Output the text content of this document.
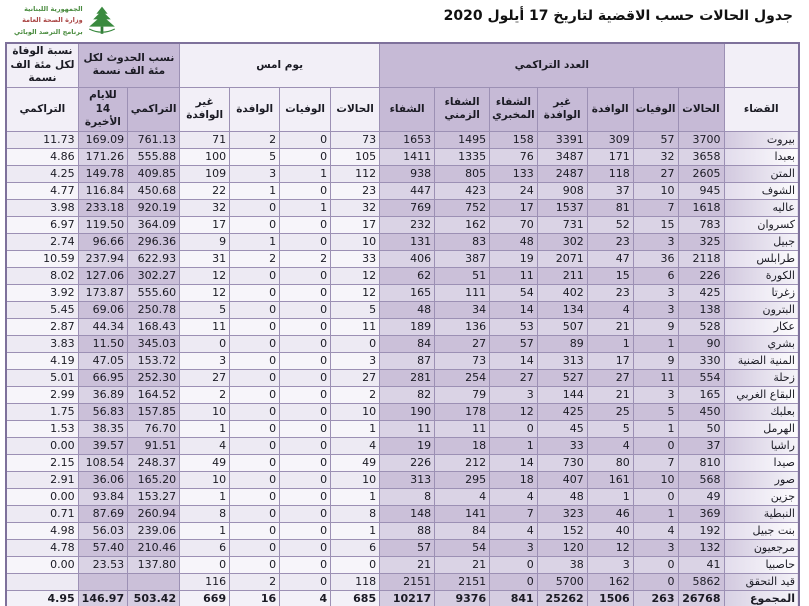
الجمهورية اللبنانية
وزارة الصحة العامة
برنامج الترصد الوبائي
جدول الحالات حسب الاقضية لتاريخ 17 أيلول 2020
	العدد التراكمي							يوم امس				نسب الحدوث لكل مئة الف نسمة		نسبة الوفاة لكل مئة الف نسمة
القضاء	الحالات	الوفيات	الوافدة	غير الوافدة	الشفاء المخبري	الشفاء الزمني	الشفاء	الحالات	الوفيات	الوافدة	غير الوافدة	التراكمي	للايام 14 الأخيرة	التراكمي
بيروت	3700	57	309	3391	158	1495	1653	73	0	2	71	761.13	169.09	11.73
بعبدا	3658	32	171	3487	76	1335	1411	105	0	5	100	555.88	171.26	4.86
المتن	2605	27	118	2487	133	805	938	112	1	3	109	409.85	149.78	4.25
الشوف	945	10	37	908	24	423	447	23	0	1	22	450.68	116.84	4.77
عاليه	1618	7	81	1537	17	752	769	32	1	0	32	920.19	233.18	3.98
كسروان	783	15	52	731	70	162	232	17	0	0	17	364.09	119.50	6.97
جبيل	325	3	23	302	48	83	131	10	0	1	9	296.36	96.66	2.74
طرابلس	2118	36	47	2071	19	387	406	33	2	2	31	622.93	237.94	10.59
الكورة	226	6	15	211	11	51	62	12	0	0	12	302.27	127.06	8.02
زغرتا	425	3	23	402	54	111	165	12	0	0	12	555.60	173.87	3.92
البترون	138	3	4	134	14	34	48	5	0	0	5	250.78	69.06	5.45
عكار	528	9	21	507	53	136	189	11	0	0	11	168.43	44.34	2.87
بشري	90	1	1	89	57	27	84	0	0	0	0	345.03	11.50	3.83
المنية الضنية	330	9	17	313	14	73	87	3	0	0	3	153.72	47.05	4.19
زحلة	554	11	27	527	27	254	281	27	0	0	27	252.30	66.95	5.01
البقاع الغربي	165	3	21	144	3	79	82	2	0	0	2	164.52	36.89	2.99
بعلبك	450	5	25	425	12	178	190	10	0	0	10	157.85	56.83	1.75
الهرمل	50	1	5	45	0	11	11	1	0	0	1	76.70	38.35	1.53
راشيا	37	0	4	33	1	18	19	4	0	0	4	91.51	39.57	0.00
صيدا	810	7	80	730	14	212	226	49	0	0	49	248.37	108.54	2.15
صور	568	10	161	407	18	295	313	10	0	0	10	165.20	36.06	2.91
جزين	49	0	1	48	4	4	8	1	0	0	1	153.27	93.84	0.00
النبطية	369	1	46	323	7	141	148	8	0	0	8	260.94	87.69	0.71
بنت جبيل	192	4	40	152	4	84	88	1	0	0	1	239.06	56.03	4.98
مرجعيون	132	3	12	120	3	54	57	6	0	0	6	210.46	57.40	4.78
حاصبيا	41	0	3	38	0	21	21	0	0	0	0	137.80	23.53	0.00
قيد التحقق	5862	0	162	5700	0	2151	2151	118	0	2	116			
المجموع	26768	263	1506	25262	841	9376	10217	685	4	16	669	503.42	146.97	4.95
